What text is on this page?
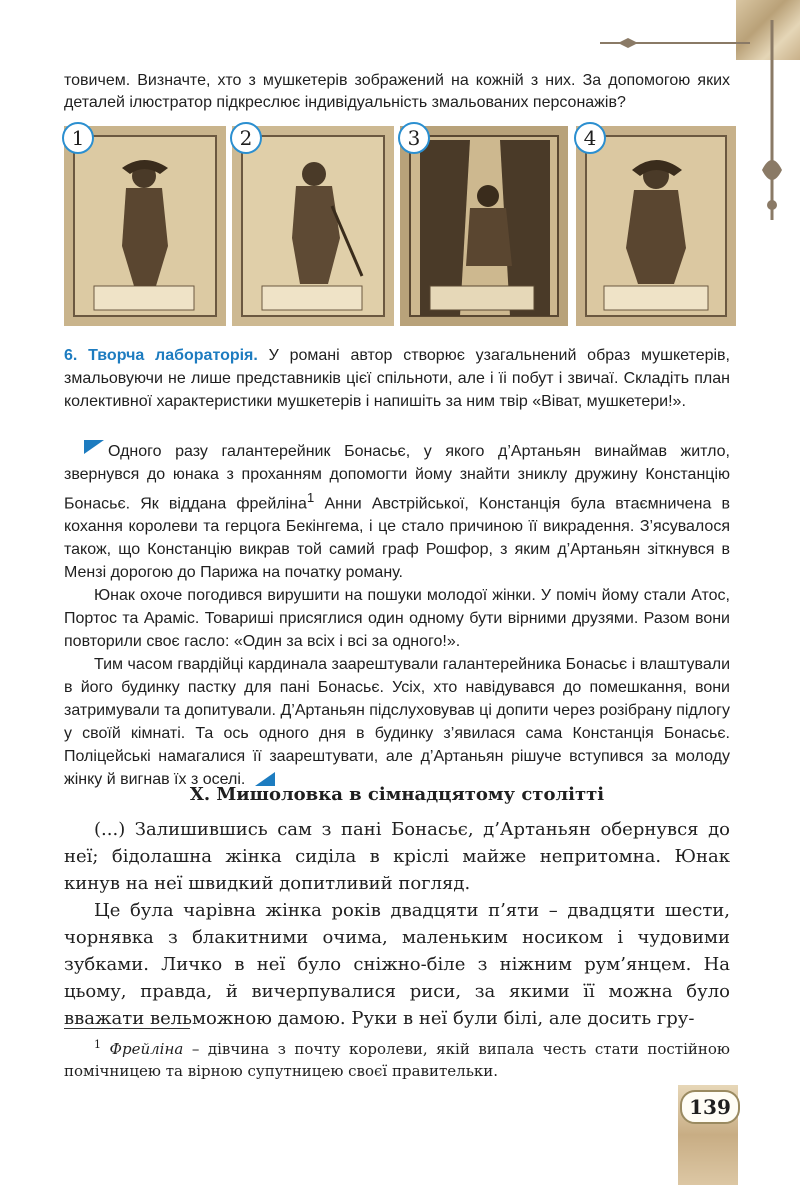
товичем. Визначте, хто з мушкетерів зображений на кожній з них. За допомогою яких деталей ілюстратор підкреслює індивідуальність змальованих персонажів?

1	2	3	4

6. Творча лабораторія. У романі автор створює узагальнений образ мушкетерів, змальовуючи не лише представників цієї спільноти, але і їі побут і звичаї. Складіть план колективної характеристики мушкетерів і напишіть за ним твір «Віват, мушкетери!».

Одного разу галантерейник Бонасьє, у якого д’Артаньян винаймав житло, звернувся до юнака з проханням допомогти йому знайти зниклу дружину Констанцію Бонасьє. Як віддана фрейліна$^1$ Анни Австрійської, Констанція була втаємничена в кохання королеви та герцога Бекінгема, і це стало причиною її викрадення. З’ясувалося також, що Констанцію викрав той самий граф Рошфор, з яким д’Артаньян зіткнувся в Мензі дорогою до Парижа на початку роману.

Юнак охоче погодився вирушити на пошуки молодої жінки. У поміч йому стали Атос, Портос та Араміс. Товариші присяглися один одному бути вірними друзями. Разом вони повторили своє гасло: «Один за всіх і всі за одного!».

Тим часом гвардійці кардинала заарештували галантерейника Бонасьє і влаштували в його будинку пастку для пані Бонасьє. Усіх, хто навідувався до помешкання, вони затримували та допитували. Д’Артаньян підслуховував ці допити через розібрану підлогу у своїй кімнаті. Та ось одного дня в будинку з’явилася сама Констанція Бонасьє. Поліцейські намагалися її заарештувати, але д’Артаньян рішуче вступився за молоду жінку й вигнав їх з оселі.

X. Мишоловка в сімнадцятому столітті

(...) Залишившись сам з пані Бонасьє, д’Артаньян обернувся до неї; бідолашна жінка сиділа в кріслі майже непритомна. Юнак кинув на неї швидкий допитливий погляд.

Це була чарівна жінка років двадцяти п’яти – двадцяти шести, чорнявка з блакитними очима, маленьким носиком і чудовими зубками. Личко в неї було сніжно-біле з ніжним рум’янцем. На цьому, правда, й вичерпувалися риси, за якими її можна було вважати вельможною дамою. Руки в неї були білі, але досить гру-

$^1$ Фрейліна – дівчина з почту королеви, якій випала честь стати постійною помічницею та вірною супутницею своєї правительки.

139
